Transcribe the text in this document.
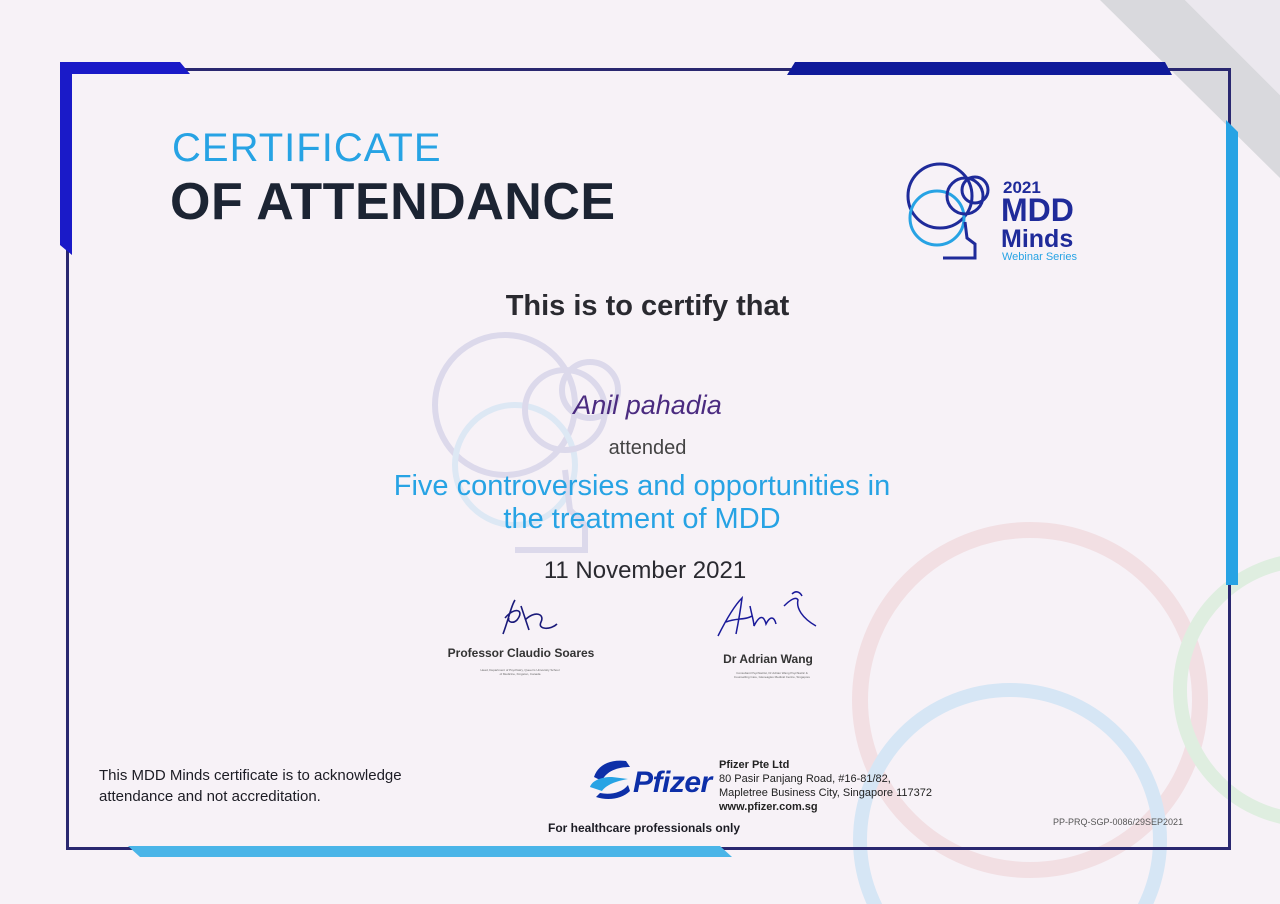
CERTIFICATE
OF ATTENDANCE	2021
MDD
Minds
Webinar Series
This is to certify that
Anil pahadia
attended
Five controversies and opportunities in
the treatment of MDD
11 November 2021
Professor Claudio Soares
Head, Department of Psychiatry, Queen's University School of Medicine, Kingston, Canada
Dr Adrian Wang
Consultant Psychiatrist, Dr Adrian Wang Psychiatric & Counselling Care, Gleneagles Medical Centre, Singapore
This MDD Minds certificate is to acknowledge attendance and not accreditation.	Pfizer
Pfizer Pte Ltd
80 Pasir Panjang Road, #16-81/82,
Mapletree Business City, Singapore 117372
www.pfizer.com.sg
For healthcare professionals only	PP-PRQ-SGP-0086/29SEP2021
